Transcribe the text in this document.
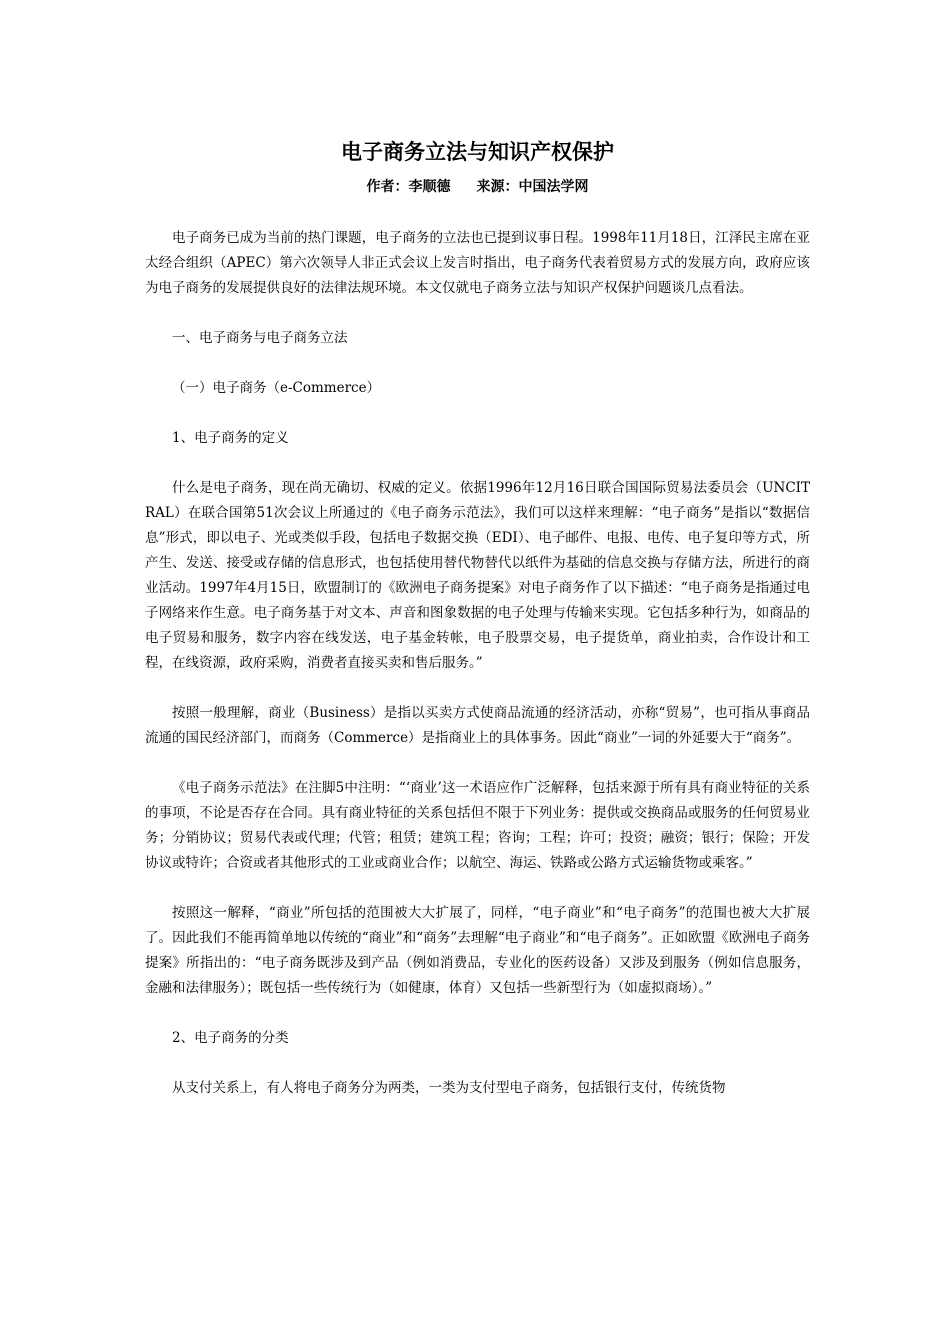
电子商务立法与知识产权保护
作者：李顺德 来源：中国法学网

电子商务已成为当前的热门课题，电子商务的立法也已提到议事日程。1998年11月18日，江泽民主席在亚太经合组织（APEC）第六次领导人非正式会议上发言时指出，电子商务代表着贸易方式的发展方向，政府应该为电子商务的发展提供良好的法律法规环境。本文仅就电子商务立法与知识产权保护问题谈几点看法。

一、电子商务与电子商务立法

（一）电子商务（e-Commerce）

1、电子商务的定义

什么是电子商务，现在尚无确切、权威的定义。依据1996年12月16日联合国国际贸易法委员会（UNCITRAL）在联合国第51次会议上所通过的《电子商务示范法》，我们可以这样来理解：“电子商务”是指以“数据信息”形式，即以电子、光或类似手段，包括电子数据交换（EDI）、电子邮件、电报、电传、电子复印等方式，所产生、发送、接受或存储的信息形式，也包括使用替代物替代以纸件为基础的信息交换与存储方法，所进行的商业活动。1997年4月15日，欧盟制订的《欧洲电子商务提案》对电子商务作了以下描述：“电子商务是指通过电子网络来作生意。电子商务基于对文本、声音和图象数据的电子处理与传输来实现。它包括多种行为，如商品的电子贸易和服务，数字内容在线发送，电子基金转帐，电子股票交易，电子提货单，商业拍卖，合作设计和工程，在线资源，政府采购，消费者直接买卖和售后服务。”

按照一般理解，商业（Business）是指以买卖方式使商品流通的经济活动，亦称“贸易”，也可指从事商品流通的国民经济部门，而商务（Commerce）是指商业上的具体事务。因此“商业”一词的外延要大于“商务”。

《电子商务示范法》在注脚5中注明：“‘商业’这一术语应作广泛解释，包括来源于所有具有商业特征的关系的事项，不论是否存在合同。具有商业特征的关系包括但不限于下列业务：提供或交换商品或服务的任何贸易业务；分销协议；贸易代表或代理；代管；租赁；建筑工程；咨询；工程；许可；投资；融资；银行；保险；开发协议或特许；合资或者其他形式的工业或商业合作；以航空、海运、铁路或公路方式运输货物或乘客。”

按照这一解释，“商业”所包括的范围被大大扩展了，同样，“电子商业”和“电子商务”的范围也被大大扩展了。因此我们不能再简单地以传统的“商业”和“商务”去理解“电子商业”和“电子商务”。正如欧盟《欧洲电子商务提案》所指出的：“电子商务既涉及到产品（例如消费品，专业化的医药设备）又涉及到服务（例如信息服务，金融和法律服务）；既包括一些传统行为（如健康，体育）又包括一些新型行为（如虚拟商场）。”

2、电子商务的分类

从支付关系上，有人将电子商务分为两类，一类为支付型电子商务，包括银行支付，传统货物
